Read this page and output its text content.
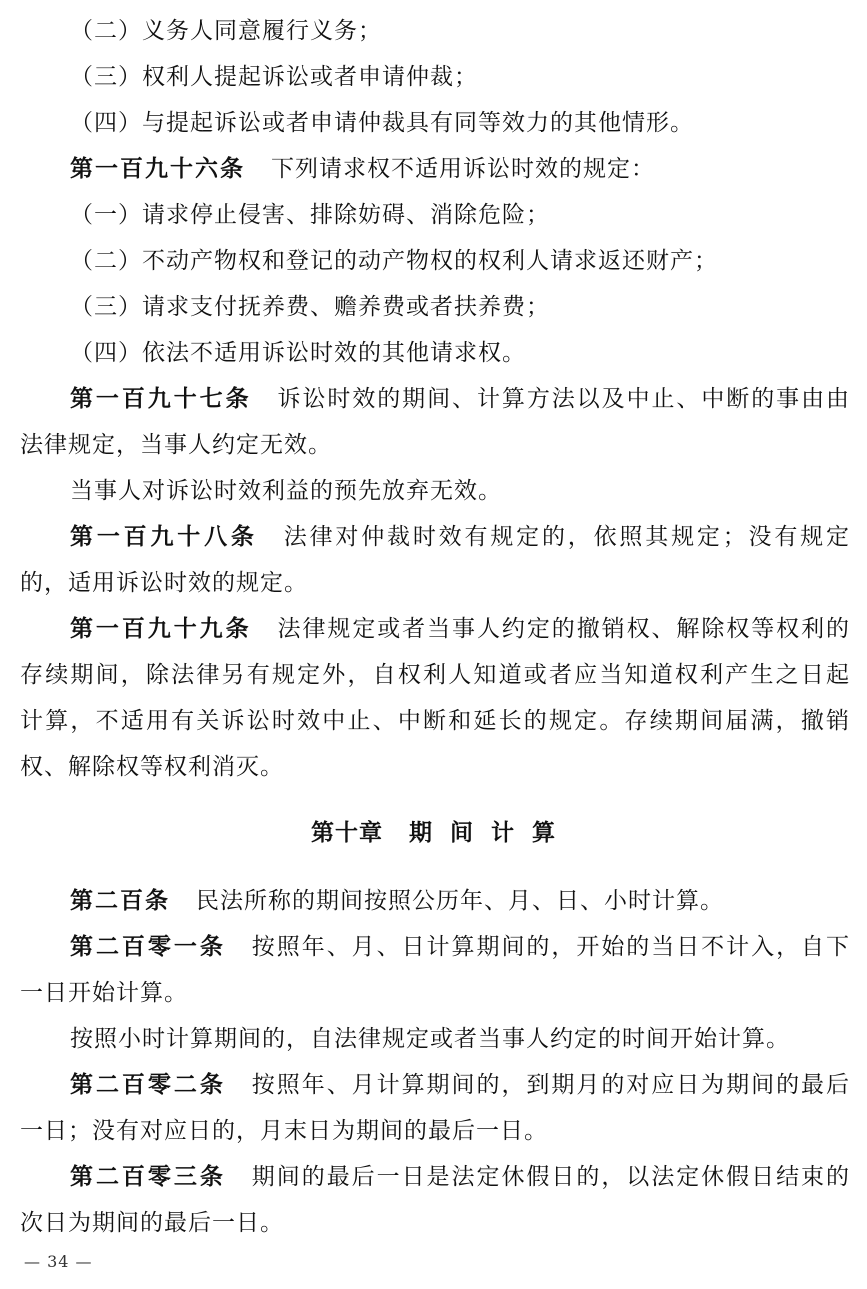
（二）义务人同意履行义务；
（三）权利人提起诉讼或者申请仲裁；
（四）与提起诉讼或者申请仲裁具有同等效力的其他情形。
第一百九十六条 下列请求权不适用诉讼时效的规定：
（一）请求停止侵害、排除妨碍、消除危险；
（二）不动产物权和登记的动产物权的权利人请求返还财产；
（三）请求支付抚养费、赡养费或者扶养费；
（四）依法不适用诉讼时效的其他请求权。
第一百九十七条 诉讼时效的期间、计算方法以及中止、中断的事由由
法律规定，当事人约定无效。
当事人对诉讼时效利益的预先放弃无效。
第一百九十八条 法律对仲裁时效有规定的，依照其规定；没有规定
的，适用诉讼时效的规定。
第一百九十九条 法律规定或者当事人约定的撤销权、解除权等权利的
存续期间，除法律另有规定外，自权利人知道或者应当知道权利产生之日起
计算，不适用有关诉讼时效中止、中断和延长的规定。存续期间届满，撤销
权、解除权等权利消灭。
第十章 期间计算
第二百条 民法所称的期间按照公历年、月、日、小时计算。
第二百零一条 按照年、月、日计算期间的，开始的当日不计入，自下
一日开始计算。
按照小时计算期间的，自法律规定或者当事人约定的时间开始计算。
第二百零二条 按照年、月计算期间的，到期月的对应日为期间的最后
一日；没有对应日的，月末日为期间的最后一日。
第二百零三条 期间的最后一日是法定休假日的，以法定休假日结束的
次日为期间的最后一日。
— 34 —
